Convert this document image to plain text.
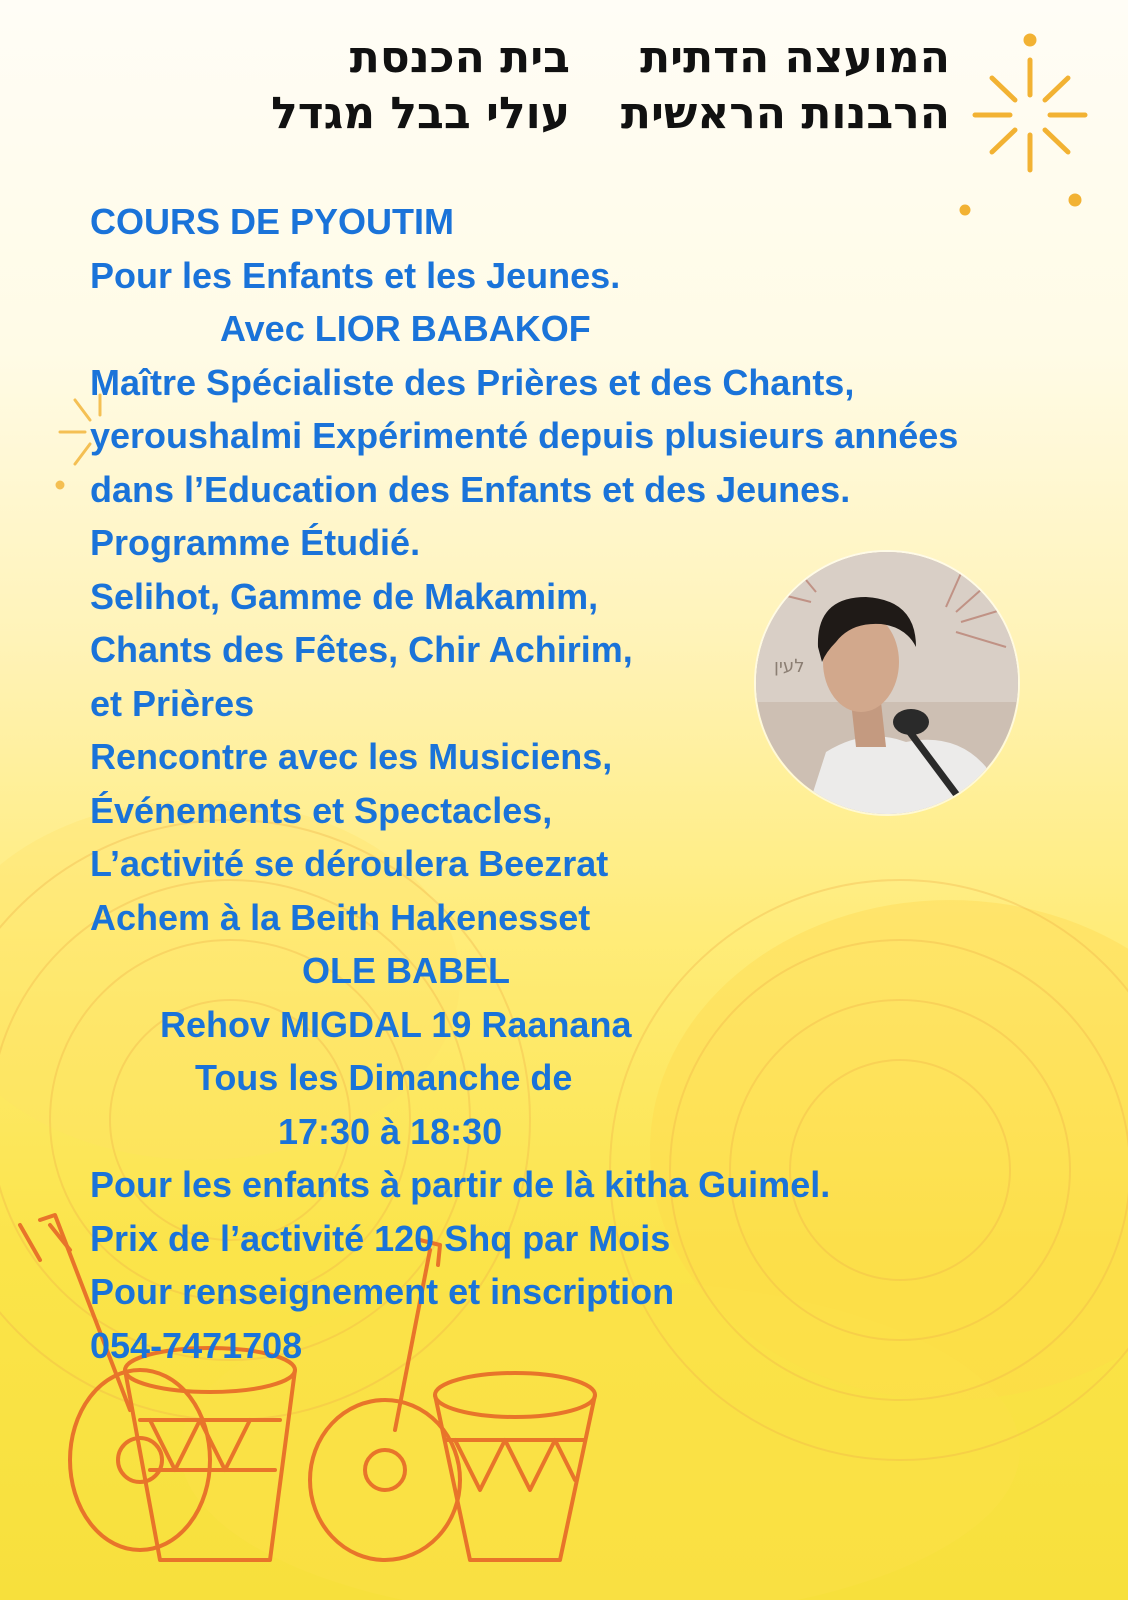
המועצה הדתית
בית הכנסת
הרבנות הראשית
עולי בבל מגדל
COURS DE PYOUTIM
Pour les Enfants et les Jeunes.
Avec LIOR BABAKOF
Maître Spécialiste des Prières et des Chants,
yeroushalmi Expérimenté depuis plusieurs années
dans l’Education des Enfants et des Jeunes.
Programme Étudié.
Selihot, Gamme de Makamim,
Chants des Fêtes, Chir Achirim,
et Prières
Rencontre avec les Musiciens,
Événements et Spectacles,
L’activité se déroulera Beezrat
Achem à la Beith Hakenesset
OLE BABEL
Rehov MIGDAL 19 Raanana
Tous les Dimanche de
17:30 à 18:30
Pour les enfants à partir de là kitha Guimel.
Prix de l’activité 120 Shq par Mois
Pour renseignement et inscription
054-7471708
לעין
